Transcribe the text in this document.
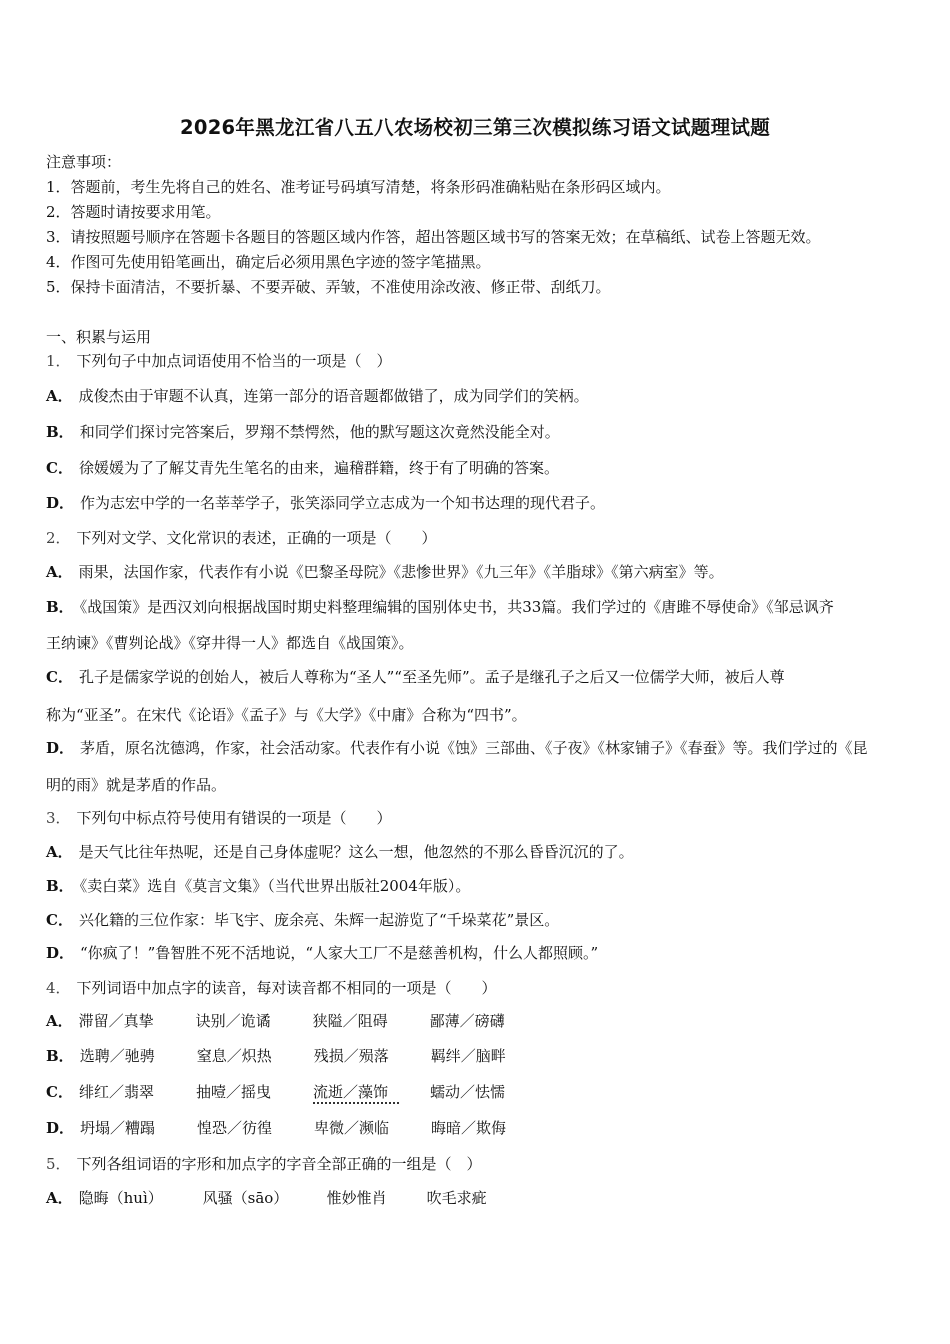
2026年黑龙江省八五八农场校初三第三次模拟练习语文试题理试题
注意事项：
1．答题前，考生先将自己的姓名、准考证号码填写清楚，将条形码准确粘贴在条形码区域内。
2．答题时请按要求用笔。
3．请按照题号顺序在答题卡各题目的答题区域内作答，超出答题区域书写的答案无效；在草稿纸、试卷上答题无效。
4．作图可先使用铅笔画出，确定后必须用黑色字迹的签字笔描黑。
5．保持卡面清洁，不要折暴、不要弄破、弄皱，不准使用涂改液、修正带、刮纸刀。
一、积累与运用
1． 下列句子中加点词语使用不恰当的一项是（　）
A． 成俊杰由于审题不认真，连第一部分的语音题都做错了，成为同学们的笑柄。
B． 和同学们探讨完答案后，罗翔不禁愕然，他的默写题这次竟然没能全对。
C． 徐媛媛为了了解艾青先生笔名的由来，遍稽群籍，终于有了明确的答案。
D． 作为志宏中学的一名莘莘学子，张笑添同学立志成为一个知书达理的现代君子。
2． 下列对文学、文化常识的表述，正确的一项是（　　）
A． 雨果，法国作家，代表作有小说《巴黎圣母院》《悲惨世界》《九三年》《羊脂球》《第六病室》等。
B． 《战国策》是西汉刘向根据战国时期史料整理编辑的国别体史书，共33篇。我们学过的《唐雎不辱使命》《邹忌讽齐
王纳谏》《曹刿论战》《穿井得一人》都选自《战国策》。
C． 孔子是儒家学说的创始人，被后人尊称为“圣人”“至圣先师”。孟子是继孔子之后又一位儒学大师，被后人尊
称为“亚圣”。在宋代《论语》《孟子》与《大学》《中庸》合称为“四书”。
D． 茅盾，原名沈德鸿，作家，社会活动家。代表作有小说《蚀》三部曲、《子夜》《林家铺子》《春蚕》等。我们学过的《昆
明的雨》就是茅盾的作品。
3． 下列句中标点符号使用有错误的一项是（　　）
A． 是天气比往年热呢，还是自己身体虚呢？这么一想，他忽然的不那么昏昏沉沉的了。
B． 《卖白菜》选自《莫言文集》（当代世界出版社2004年版）。
C． 兴化籍的三位作家：毕飞宇、庞余亮、朱辉一起游览了“千垛菜花”景区。
D． “你疯了！”鲁智胜不死不活地说，“人家大工厂不是慈善机构，什么人都照顾。”
4． 下列词语中加点字的读音，每对读音都不相同的一项是（　　）
A． 滞留／真挚	诀别／诡谲	狭隘／阻碍	鄙薄／磅礴
B． 选聘／驰骋	窒息／炽热	残损／殒落	羁绊／脑畔
C． 绯红／翡翠	抽噎／摇曳	流逝／藻饰	蠕动／怯懦
D． 坍塌／糟蹋	惶恐／彷徨	卑微／濒临	晦暗／欺侮
5． 下列各组词语的字形和加点字的字音全部正确的一组是（　）
A． 隐晦（huì）	风骚（sāo）	惟妙惟肖	吹毛求疵
